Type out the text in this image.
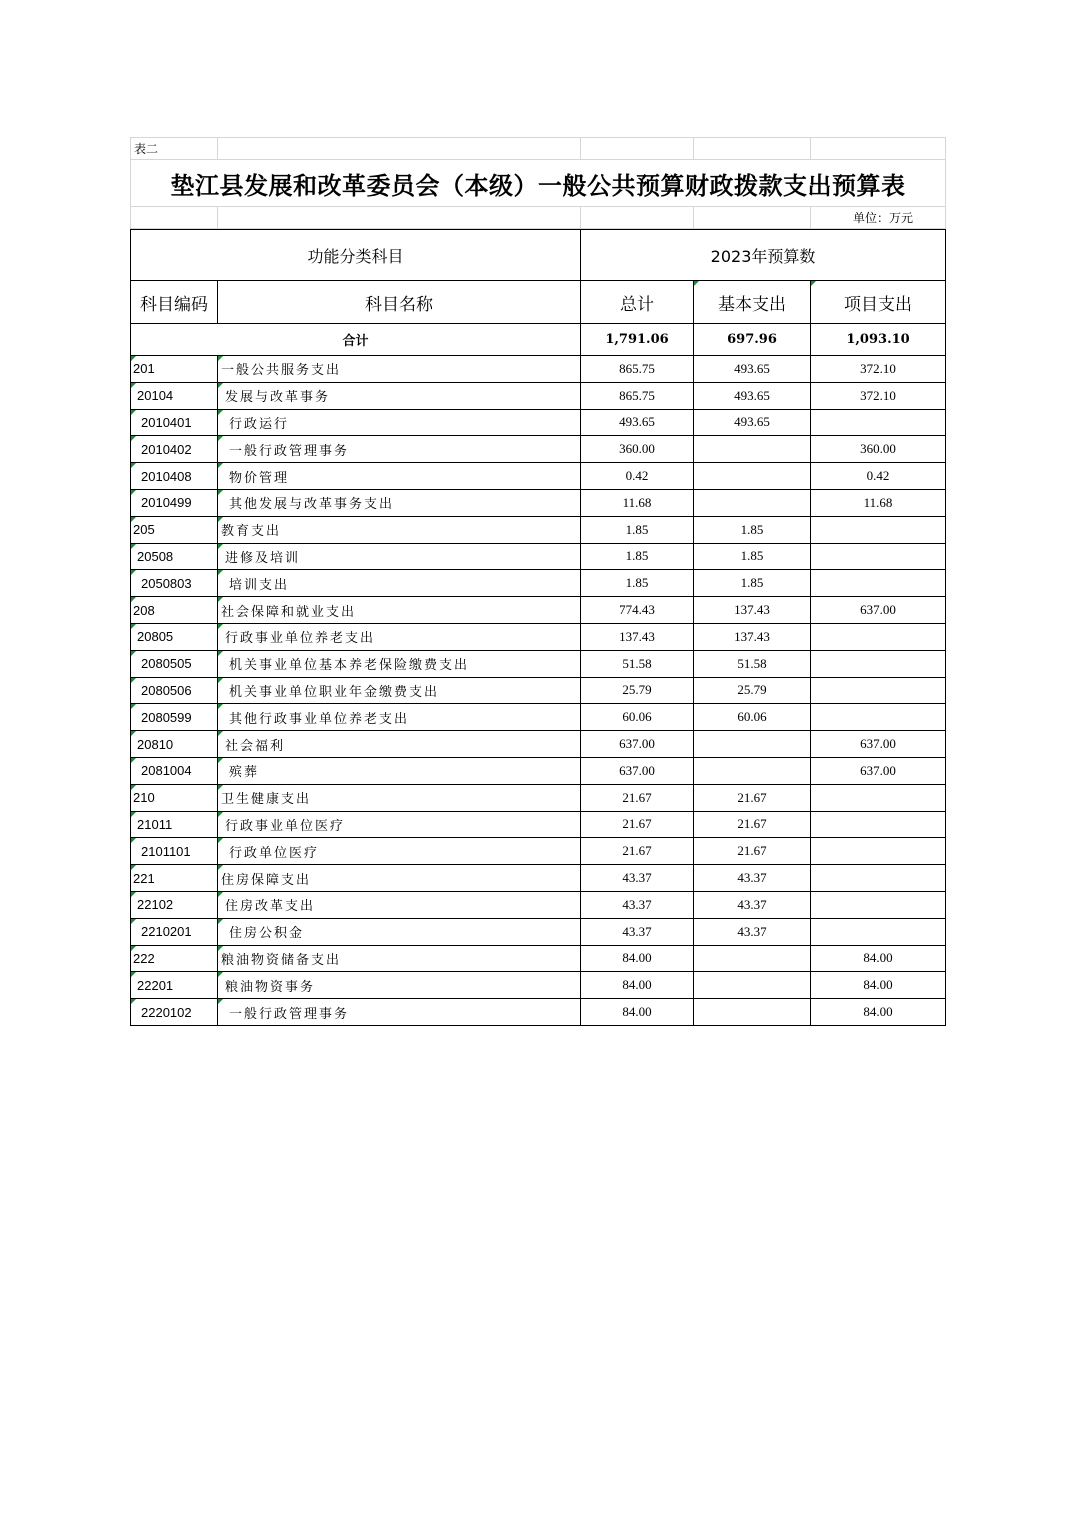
表二				
垫江县发展和改革委员会（本级）一般公共预算财政拨款支出预算表				
				单位：万元
功能分类科目		2023年预算数		
科目编码	科目名称	总计	基本支出	项目支出
合计		1,791.06	697.96	1,093.10
201	一般公共服务支出	865.75	493.65	372.10
20104	发展与改革事务	865.75	493.65	372.10
2010401	行政运行	493.65	493.65	
2010402	一般行政管理事务	360.00		360.00
2010408	物价管理	0.42		0.42
2010499	其他发展与改革事务支出	11.68		11.68
205	教育支出	1.85	1.85	
20508	进修及培训	1.85	1.85	
2050803	培训支出	1.85	1.85	
208	社会保障和就业支出	774.43	137.43	637.00
20805	行政事业单位养老支出	137.43	137.43	
2080505	机关事业单位基本养老保险缴费支出	51.58	51.58	
2080506	机关事业单位职业年金缴费支出	25.79	25.79	
2080599	其他行政事业单位养老支出	60.06	60.06	
20810	社会福利	637.00		637.00
2081004	殡葬	637.00		637.00
210	卫生健康支出	21.67	21.67	
21011	行政事业单位医疗	21.67	21.67	
2101101	行政单位医疗	21.67	21.67	
221	住房保障支出	43.37	43.37	
22102	住房改革支出	43.37	43.37	
2210201	住房公积金	43.37	43.37	
222	粮油物资储备支出	84.00		84.00
22201	粮油物资事务	84.00		84.00
2220102	一般行政管理事务	84.00		84.00
